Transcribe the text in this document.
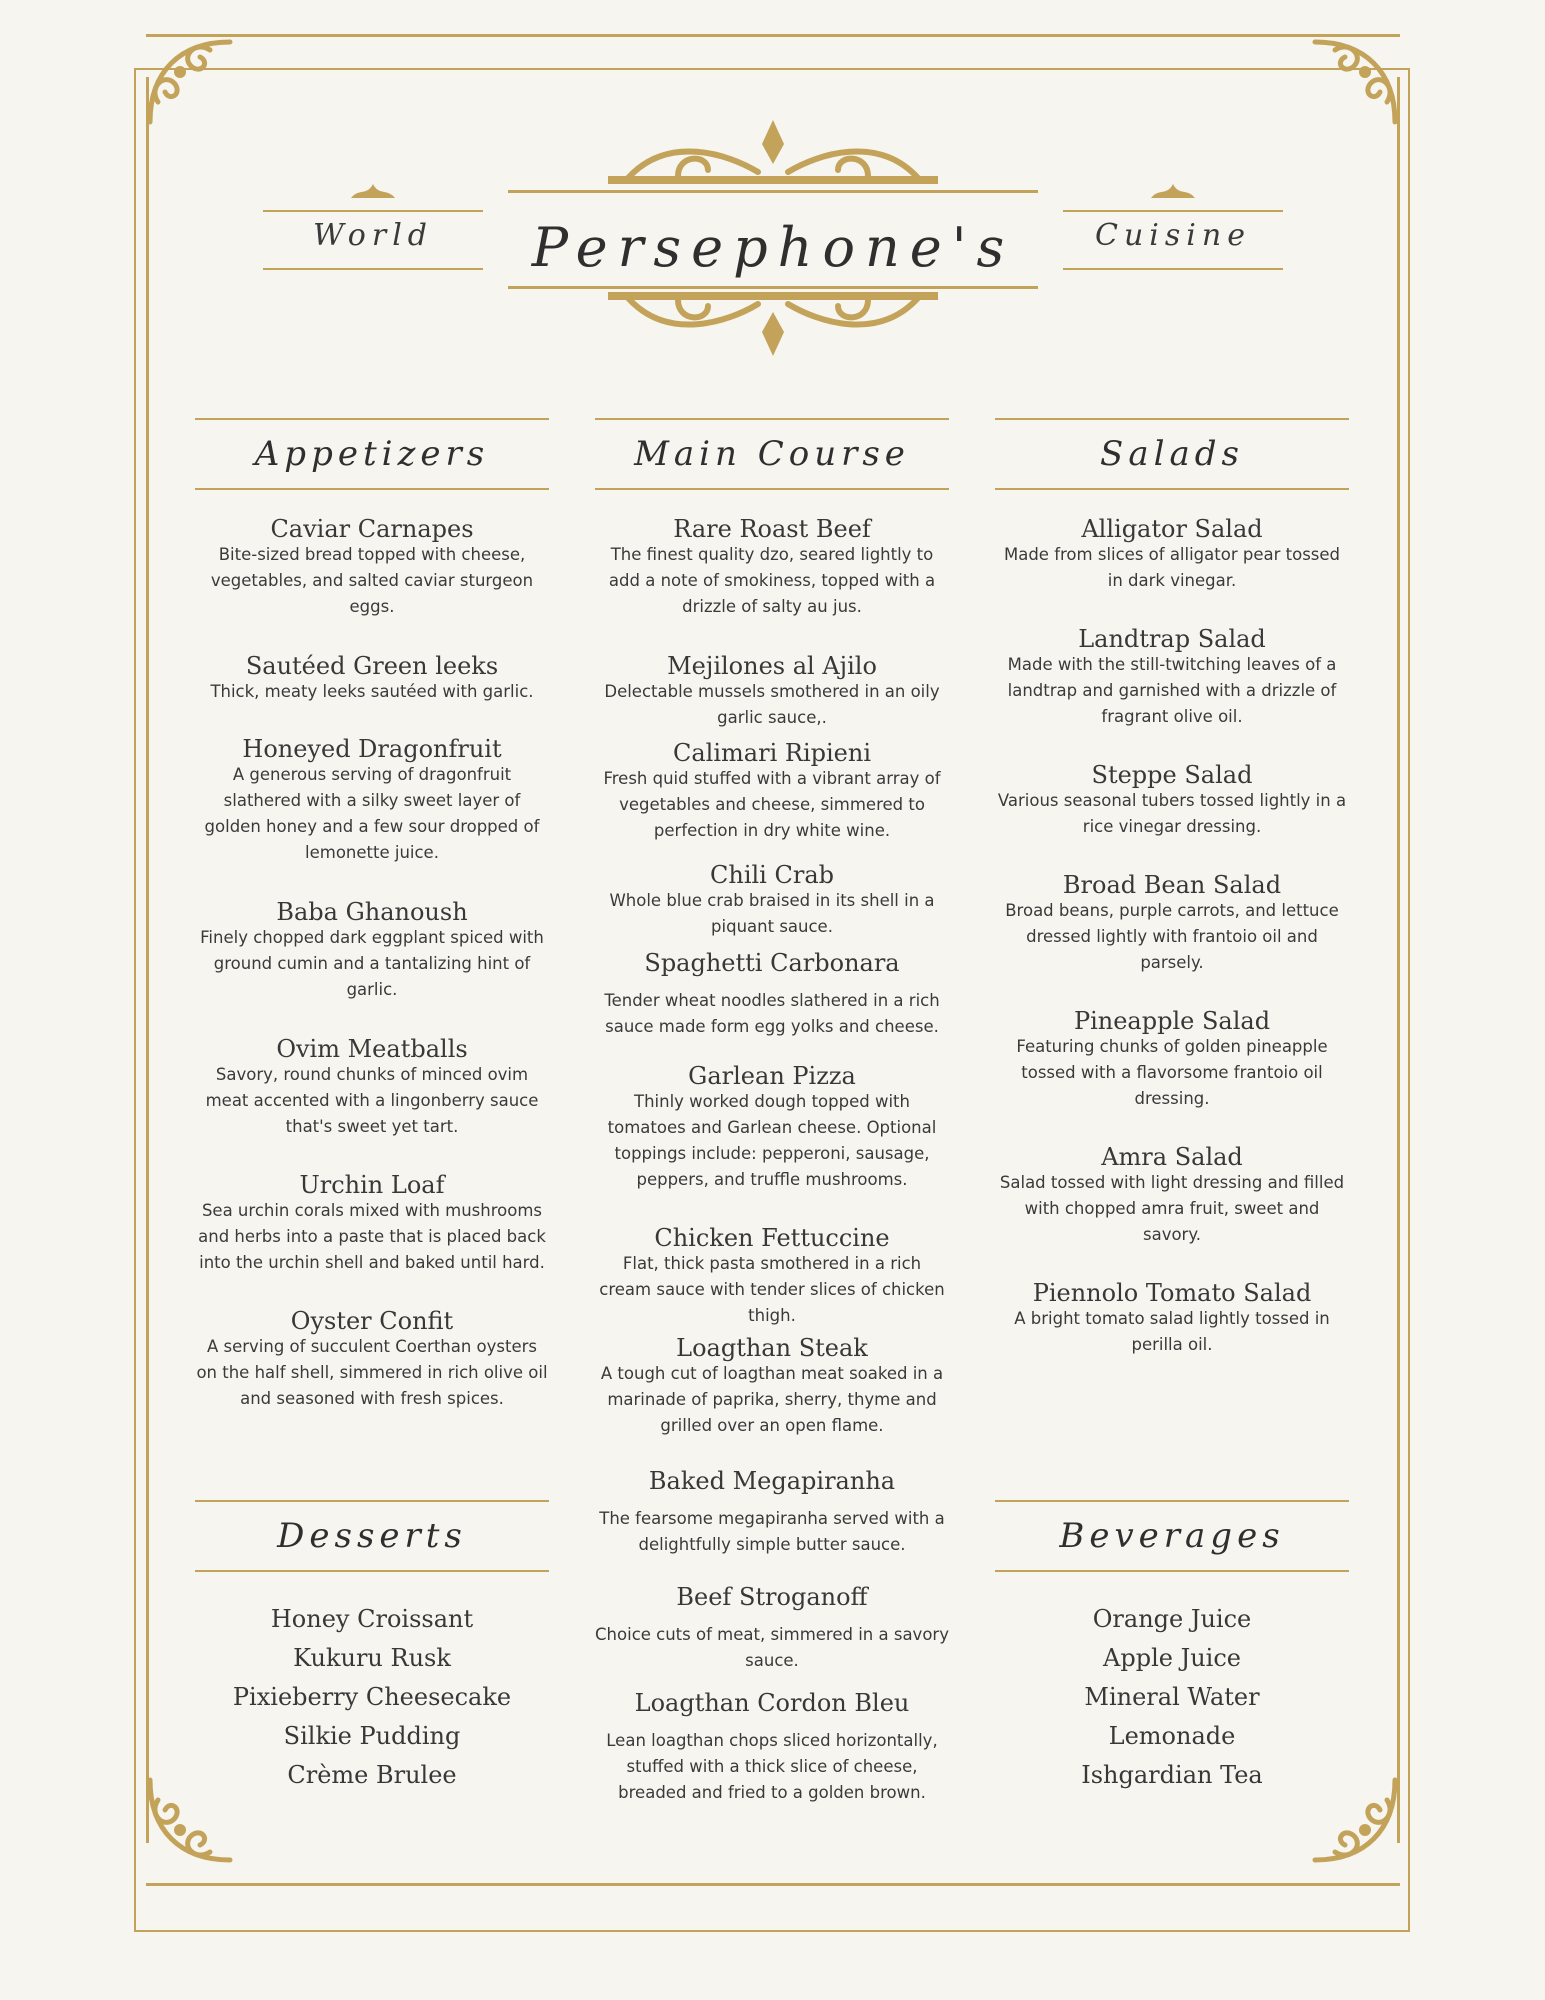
World	Cuisine
Persephone's
Appetizers
Caviar Carnapes
Bite-sized bread topped with cheese, vegetables, and salted caviar sturgeon eggs.
Sautéed Green leeks
Thick, meaty leeks sautéed with garlic.
Honeyed Dragonfruit
A generous serving of dragonfruit slathered with a silky sweet layer of golden honey and a few sour dropped of lemonette juice.
Baba Ghanoush
Finely chopped dark eggplant spiced with ground cumin and a tantalizing hint of garlic.
Ovim Meatballs
Savory, round chunks of minced ovim meat accented with a lingonberry sauce that's sweet yet tart.
Urchin Loaf
Sea urchin corals mixed with mushrooms and herbs into a paste that is placed back into the urchin shell and baked until hard.
Oyster Confit
A serving of succulent Coerthan oysters on the half shell, simmered in rich olive oil and seasoned with fresh spices.
Main Course
Rare Roast Beef
The finest quality dzo, seared lightly to add a note of smokiness, topped with a drizzle of salty au jus.
Mejilones al Ajilo
Delectable mussels smothered in an oily garlic sauce,.
Calimari Ripieni
Fresh quid stuffed with a vibrant array of vegetables and cheese, simmered to perfection in dry white wine.
Chili Crab
Whole blue crab braised in its shell in a piquant sauce.
Spaghetti Carbonara
Tender wheat noodles slathered in a rich sauce made form egg yolks and cheese.
Garlean Pizza
Thinly worked dough topped with tomatoes and Garlean cheese. Optional toppings include: pepperoni, sausage, peppers, and truffle mushrooms.
Chicken Fettuccine
Flat, thick pasta smothered in a rich cream sauce with tender slices of chicken thigh.
Loagthan Steak
A tough cut of loagthan meat soaked in a marinade of paprika, sherry, thyme and grilled over an open flame.
Baked Megapiranha
The fearsome megapiranha served with a delightfully simple butter sauce.
Beef Stroganoff
Choice cuts of meat, simmered in a savory sauce.
Loagthan Cordon Bleu
Lean loagthan chops sliced horizontally, stuffed with a thick slice of cheese, breaded and fried to a golden brown.
Salads
Alligator Salad
Made from slices of alligator pear tossed in dark vinegar.
Landtrap Salad
Made with the still-twitching leaves of a landtrap and garnished with a drizzle of fragrant olive oil.
Steppe Salad
Various seasonal tubers tossed lightly in a rice vinegar dressing.
Broad Bean Salad
Broad beans, purple carrots, and lettuce dressed lightly with frantoio oil and parsely.
Pineapple Salad
Featuring chunks of golden pineapple tossed with a flavorsome frantoio oil dressing.
Amra Salad
Salad tossed with light dressing and filled with chopped amra fruit, sweet and savory.
Piennolo Tomato Salad
A bright tomato salad lightly tossed in perilla oil.
Desserts
Honey Croissant
Kukuru Rusk
Pixieberry Cheesecake
Silkie Pudding
Crème Brulee
Beverages
Orange Juice
Apple Juice
Mineral Water
Lemonade
Ishgardian Tea
